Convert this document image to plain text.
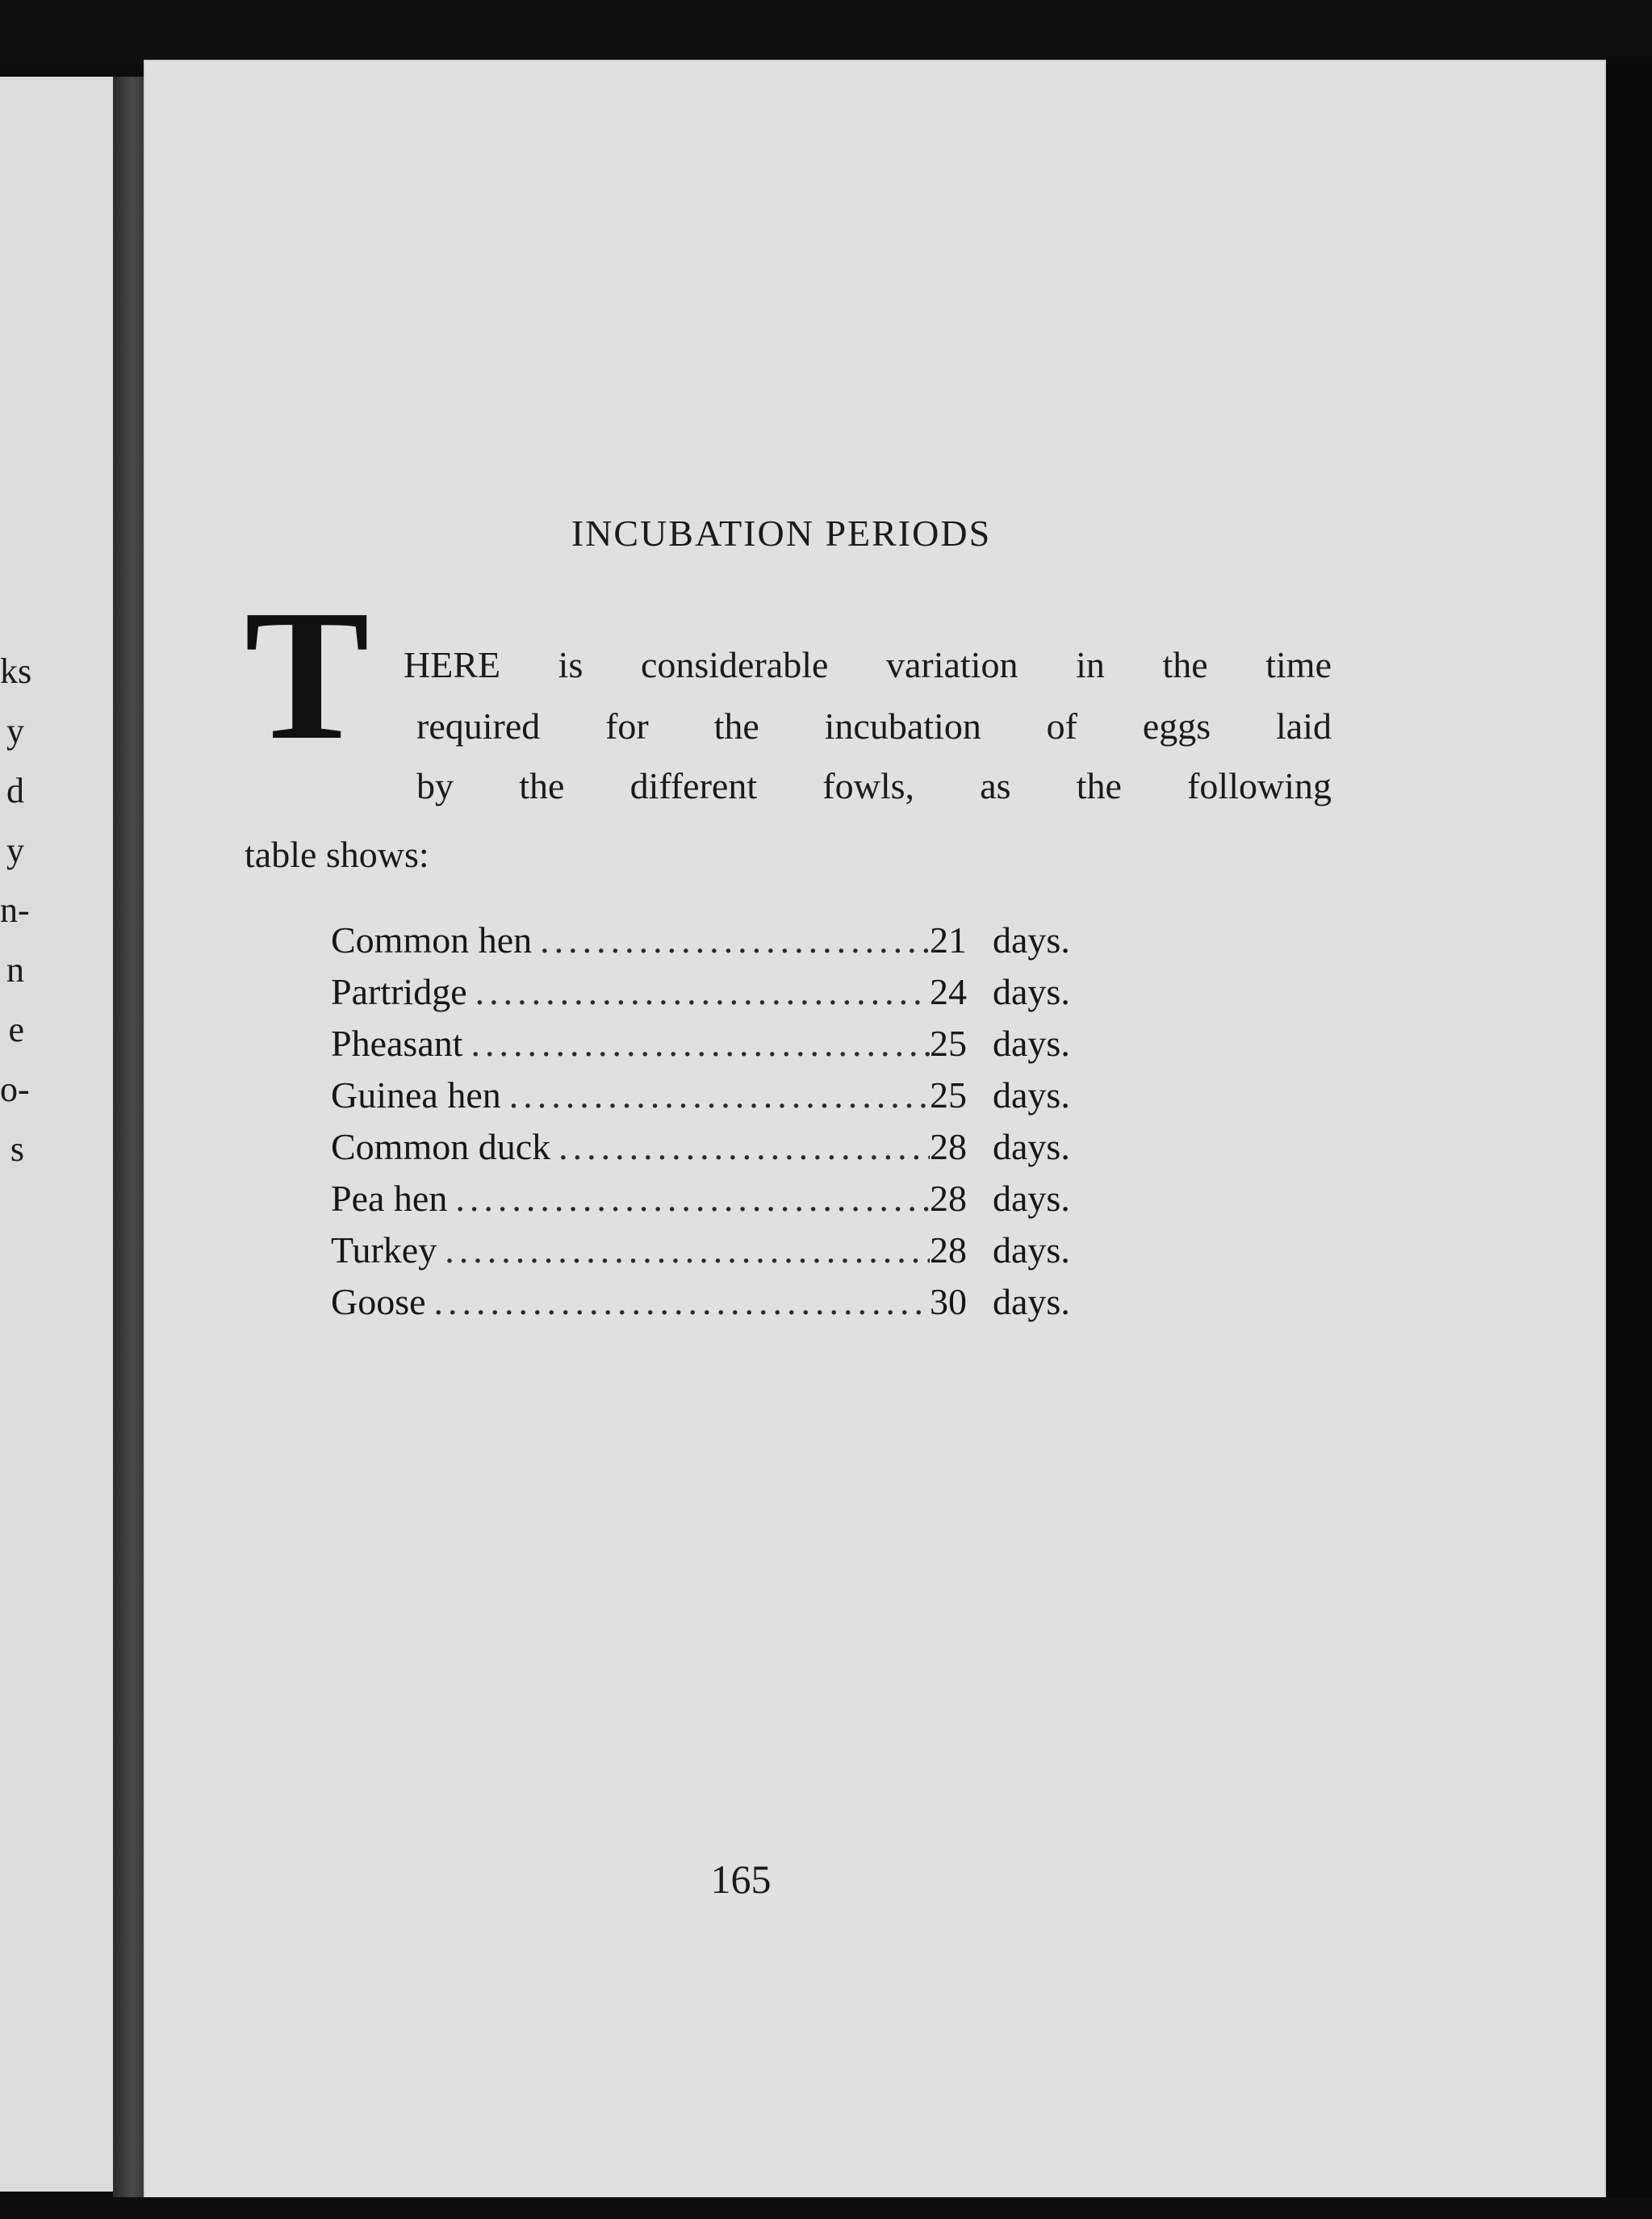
ks
y
d
y
n-
n
e
o-
s
INCUBATION PERIODS
T HERE is considerable variation in the time
required for the incubation of eggs laid
by the different fowls, as the following
table shows:
Common hen .....	21 days.
Partridge .....	24 days.
Pheasant .....	25 days.
Guinea hen .....	25 days.
Common duck .....	28 days.
Pea hen .....	28 days.
Turkey .....	28 days.
Goose .....	30 days.
165
